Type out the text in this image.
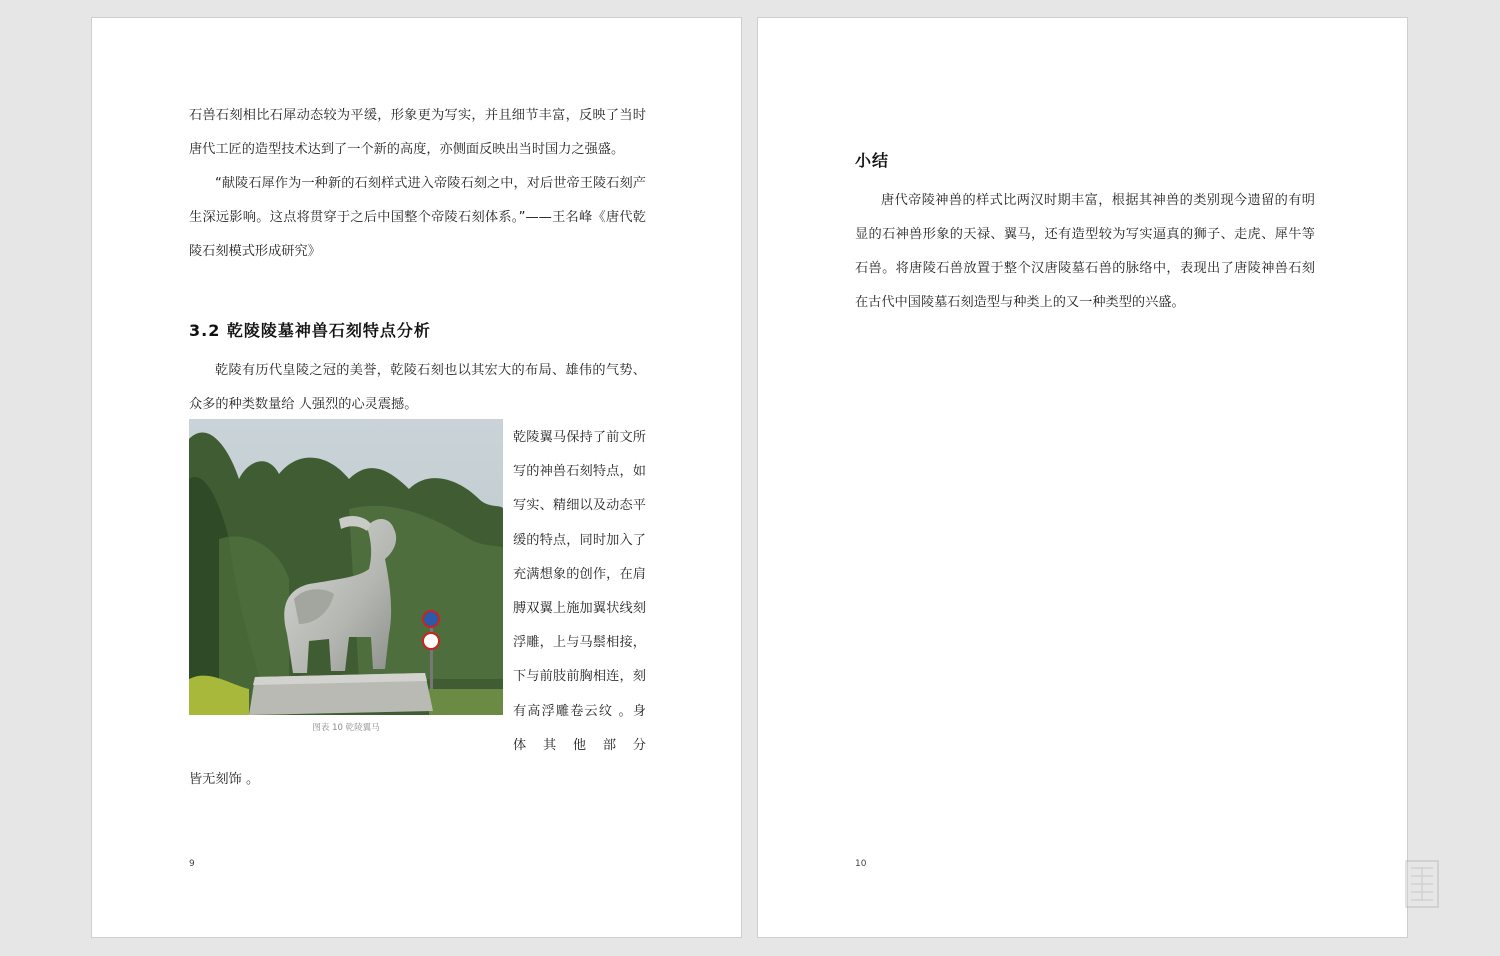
石兽石刻相比石犀动态较为平缓，形象更为写实，并且细节丰富，反映了当时唐代工匠的造型技术达到了一个新的高度，亦侧面反映出当时国力之强盛。

“献陵石犀作为一种新的石刻样式进入帝陵石刻之中，对后世帝王陵石刻产生深远影响。这点将贯穿于之后中国整个帝陵石刻体系。”——王名峰《唐代乾陵石刻模式形成研究》

3.2 乾陵陵墓神兽石刻特点分析

乾陵有历代皇陵之冠的美誉，乾陵石刻也以其宏大的布局、雄伟的气势、众多的种类数量给 人强烈的心灵震撼。

图表 10 乾陵翼马

乾陵翼马保持了前文所写的神兽石刻特点，如写实、精细以及动态平缓的特点，同时加入了充满想象的创作，在肩膊双翼上施加翼状线刻浮雕，上与马鬃相接，下与前肢前胸相连，刻有高浮雕卷云纹 。身体其他部分

皆无刻饰 。

9

小结

唐代帝陵神兽的样式比两汉时期丰富，根据其神兽的类别现今遗留的有明显的石神兽形象的天禄、翼马，还有造型较为写实逼真的狮子、走虎、犀牛等石兽。将唐陵石兽放置于整个汉唐陵墓石兽的脉络中，表现出了唐陵神兽石刻在古代中国陵墓石刻造型与种类上的又一种类型的兴盛。

10
